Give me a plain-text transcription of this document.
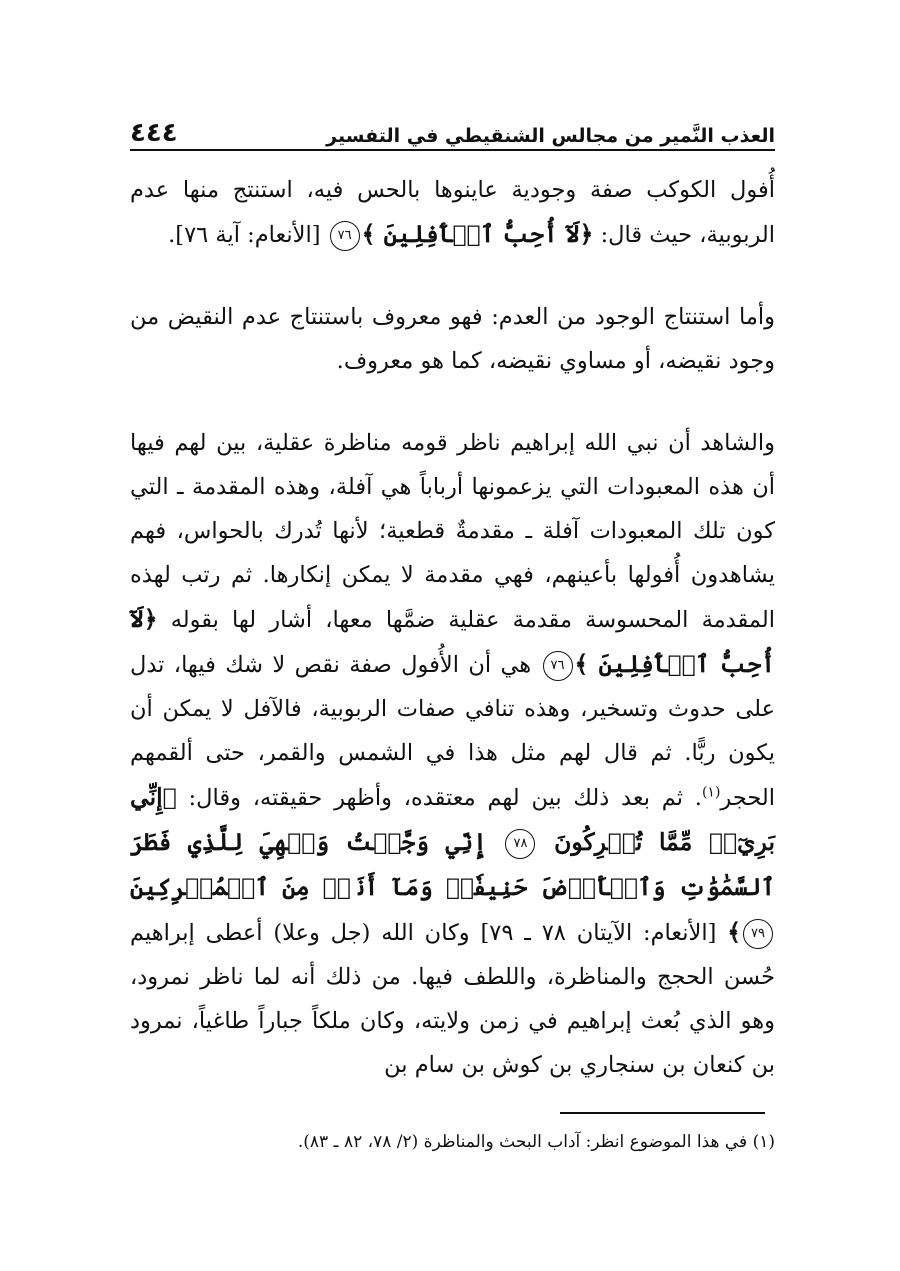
٤٤٤	العذب النَّمير من مجالس الشنقيطي في التفسير

أُفول الكوكب صفة وجودية عاينوها بالحس فيه، استنتج منها عدم الربوبية، حيث قال: ﴿لَآ أُحِبُّ ٱلۡأٓفِلِينَ ﴾٧٦ [الأنعام: آية ٧٦].

وأما استنتاج الوجود من العدم: فهو معروف باستنتاج عدم النقيض من وجود نقيضه، أو مساوي نقيضه، كما هو معروف.

والشاهد أن نبي الله إبراهيم ناظر قومه مناظرة عقلية، بين لهم فيها أن هذه المعبودات التي يزعمونها أرباباً هي آفلة، وهذه المقدمة ـ التي كون تلك المعبودات آفلة ـ مقدمةٌ قطعية؛ لأنها تُدرك بالحواس، فهم يشاهدون أُفولها بأعينهم، فهي مقدمة لا يمكن إنكارها. ثم رتب لهذه المقدمة المحسوسة مقدمة عقلية ضمَّها معها، أشار لها بقوله ﴿لَآ أُحِبُّ ٱلۡأٓفِلِينَ ﴾٧٦ هي أن الأُفول صفة نقص لا شك فيها، تدل على حدوث وتسخير، وهذه تنافي صفات الربوبية، فالآفل لا يمكن أن يكون ربًّا. ثم قال لهم مثل هذا في الشمس والقمر، حتى ألقمهم الحجر$^{(١)}$. ثم بعد ذلك بين لهم معتقده، وأظهر حقيقته، وقال: ﴿إِنِّي بَرِيٓءٞ مِّمَّا تُشۡرِكُونَ ٧٨ إِنِّي وَجَّهۡتُ وَجۡهِيَ لِلَّذِي فَطَرَ ٱلسَّمَٰوَٰتِ وَٱلۡأَرۡضَ حَنِيفٗاۖ وَمَآ أَنَا۠ مِنَ ٱلۡمُشۡرِكِينَ ٧٩﴾ [الأنعام: الآيتان ٧٨ ـ ٧٩] وكان الله (جل وعلا) أعطى إبراهيم حُسن الحجج والمناظرة، واللطف فيها. من ذلك أنه لما ناظر نمرود، وهو الذي بُعث إبراهيم في زمن ولايته، وكان ملكاً جباراً طاغياً، نمرود بن كنعان بن سنجاري بن كوش بن سام بن

(١) في هذا الموضوع انظر: آداب البحث والمناظرة (٢/ ٧٨، ٨٢ ـ ٨٣).
